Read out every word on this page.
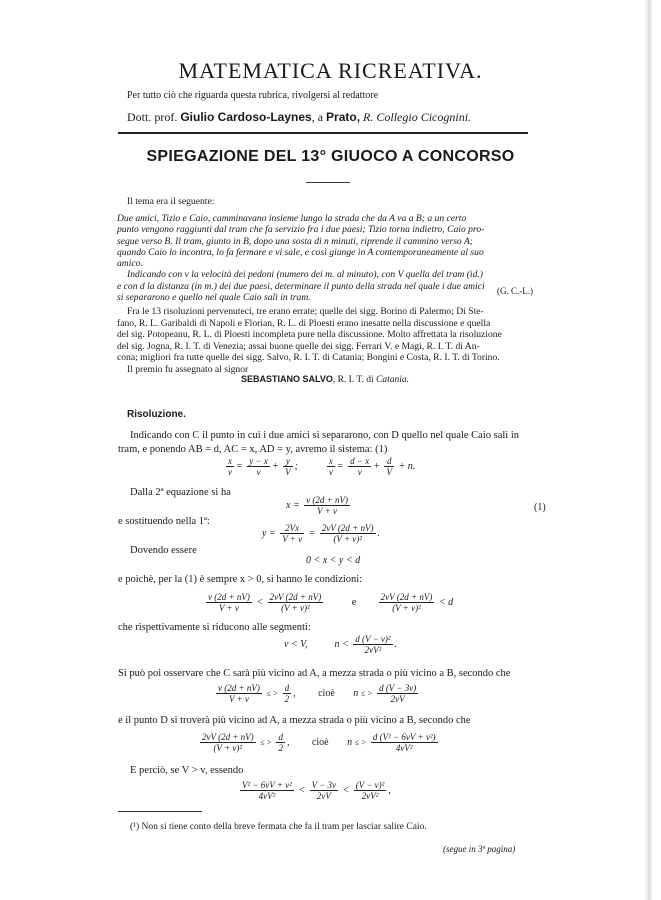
MATEMATICA RICREATIVA.
Per tutto ciò che riguarda questa rubrica, rivolgersi al redattore
Dott. prof. Giulio Cardoso-Laynes, a Prato, R. Collegio Cicognini.
SPIEGAZIONE DEL 13° GIUOCO A CONCORSO
Il tema era il seguente:
Due amici, Tizio e Caio, camminavano insieme lungo la strada che da A va a B; a un certo
punto vengono raggiunti dal tram che fa servizio fra i due paesi; Tizio torna indietro, Caio pro-
segue verso B. Il tram, giunto in B, dopo una sosta di n minuti, riprende il cammino verso A;
quando Caio lo incontra, lo fa fermare e vi sale, e così giunge in A contemporaneamente al suo
amico.
Indicando con v la velocità dei pedoni (numero dei m. al minuto), con V quella del tram (id.)
e con d la distanza (in m.) dei due paesi, determinare il punto della strada nel quale i due amici
si separarono e quello nel quale Caio salì in tram.
(G. C.-L.)
Fra le 13 risoluzioni pervenuteci, tre erano errate; quelle dei sigg. Borino di Palermo; Di Ste-
fano, R. L. Garibaldi di Napoli e Florian, R. L. di Ploesti erano inesatte nella discussione e quella
del sig. Potopeanu, R. L. di Ploesti incompleta pure nella discussione. Molto affrettata la risoluzione
del sig. Jogna, R. I. T. di Venezia; assai buone quelle dei sigg. Ferrari V. e Magi, R. I. T. di An-
cona; migliori fra tutte quelle dei sigg. Salvo, R. I. T. di Catania; Bongini e Costa, R. I. T. di Torino.
Il premio fu assegnato al signor
SEBASTIANO SALVO, R. I. T. di Catania.
Risoluzione.
Indicando con C il punto in cui i due amici si separarono, con D quello nel quale Caio salì in
tram, e ponendo AB = d, AC = x, AD = y, avremo il sistema: (1)
$\frac{x}{v} = \frac{y - x}{v} + \frac{y}{V}$ ;	$\frac{x}{v} = \frac{d - x}{v} + \frac{d}{V} + n$.
Dalla 2ª equazione si ha
$x = \frac{v (2d + nV)}{V + v}$	(1)
e sostituendo nella 1ª:
$y = \frac{2Vx}{V + v} = \frac{2vV (2d + nV)}{\text{(V + v)²}}$ .
Dovendo essere
0 < x < y < d
e poichè, per la (1) è sempre x > 0, si hanno le condizioni:
$\frac{v (2d + nV)}{V + v} < \frac{2vV (2d + nV)}{\text{(V + v)²}}$	e	$\frac{2vV (2d + nV)}{\text{(V + v)²}} < d$
che rispettivamente si riducono alle segmenti:
v < V,	$n < \frac{\text{d (V − v)²}}{\text{2vV²}}$ .
Si può poi osservare che C sarà più vicino ad A, a mezza strada o più vicino a B, secondo che
$\frac{v (2d + nV)}{V + v}$ ≤ > $\frac{d}{2}$ , cioè n ≤ > $\frac{d (V - 3v)}{2vV}$
e il punto D si troverà più vicino ad A, a mezza strada o più vicino a B, secondo che
$\frac{2vV (2d + nV)}{\text{(V + v)²}}$ ≤ > $\frac{d}{2}$ , cioè n ≤ > $\frac{\text{d (V² − 6vV + v²)}}{\text{4vV²}}$
E perciò, se V > v, essendo
$\frac{\text{V² − 6vV + v²}}{\text{4vV²}} < \frac{V - 3v}{2vV} < \frac{\text{(V − v)²}}{\text{2vV²}}$ ,
(¹) Non si tiene conto della breve fermata che fa il tram per lasciar salire Caio.
(segue in 3ª pagina)
